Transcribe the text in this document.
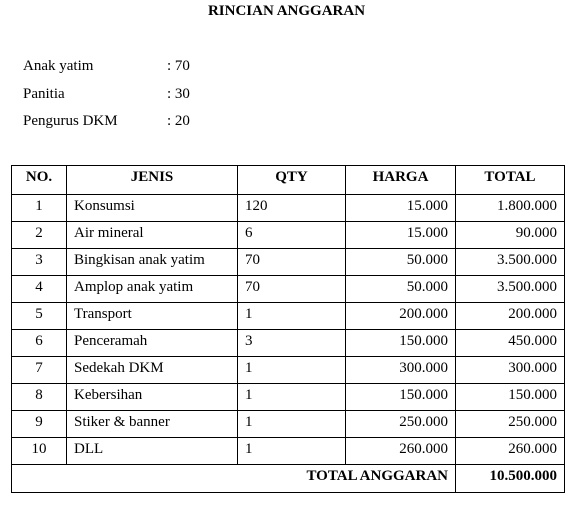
RINCIAN ANGGARAN
Anak yatim	: 70
Panitia	: 30
Pengurus DKM	: 20
NO.	JENIS	QTY	HARGA	TOTAL
1	Konsumsi	120	15.000	1.800.000
2	Air mineral	6	15.000	90.000
3	Bingkisan anak yatim	70	50.000	3.500.000
4	Amplop anak yatim	70	50.000	3.500.000
5	Transport	1	200.000	200.000
6	Penceramah	3	150.000	450.000
7	Sedekah DKM	1	300.000	300.000
8	Kebersihan	1	150.000	150.000
9	Stiker & banner	1	250.000	250.000
10	DLL	1	260.000	260.000
TOTAL ANGGARAN				10.500.000
